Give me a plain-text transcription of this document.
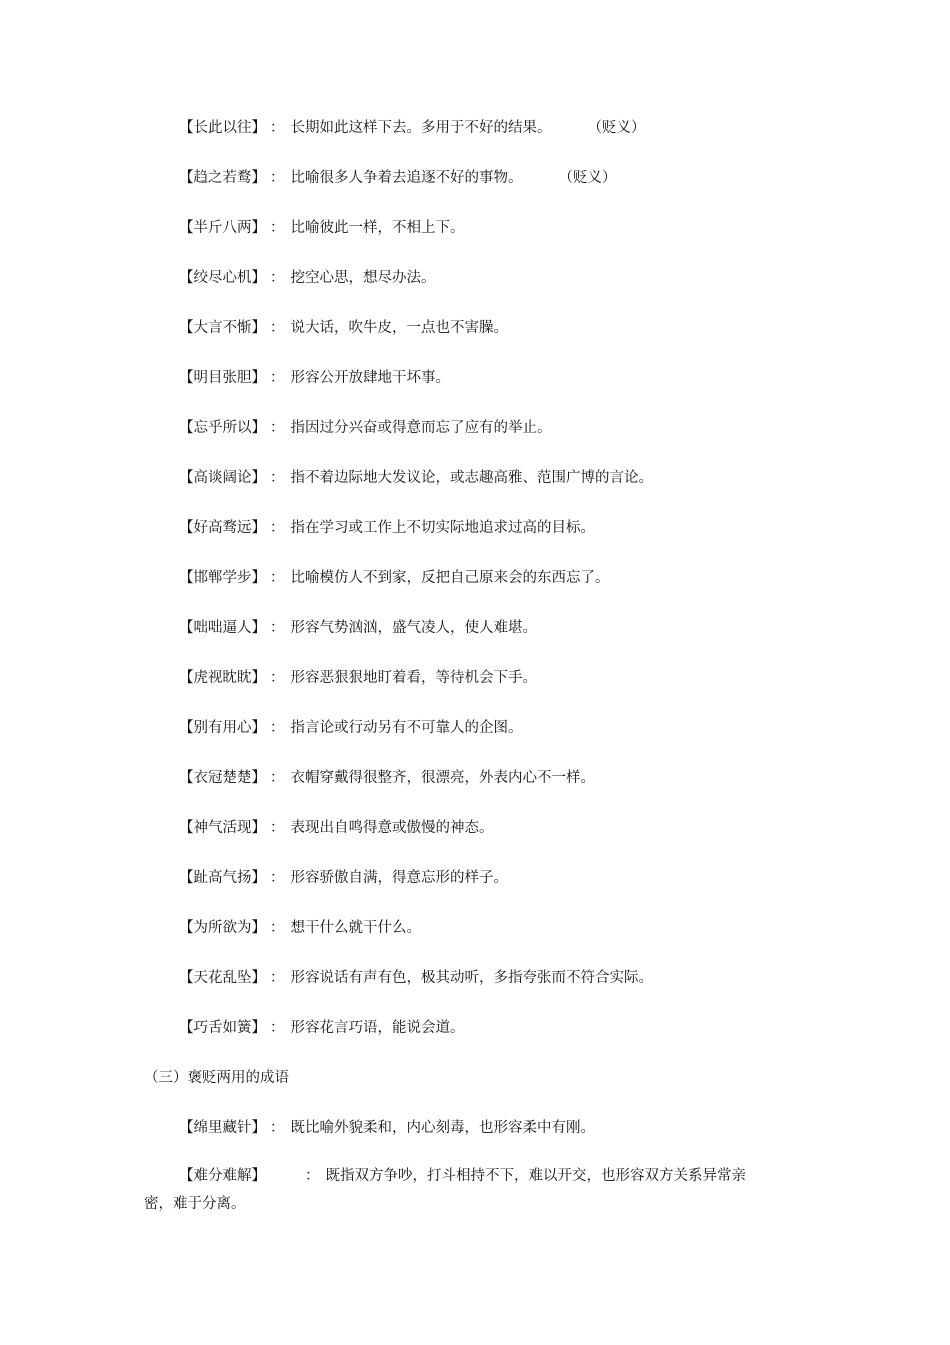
【长此以往】 ： 长期如此这样下去。多用于不好的结果。 （贬义）
【趋之若鹜】 ： 比喻很多人争着去追逐不好的事物。 （贬义）
【半斤八两】 ： 比喻彼此一样，不相上下。
【绞尽心机】 ： 挖空心思，想尽办法。
【大言不惭】 ： 说大话，吹牛皮，一点也不害臊。
【明目张胆】 ： 形容公开放肆地干坏事。
【忘乎所以】 ： 指因过分兴奋或得意而忘了应有的举止。
【高谈阔论】 ： 指不着边际地大发议论，或志趣高雅、范围广博的言论。
【好高骛远】 ： 指在学习或工作上不切实际地追求过高的目标。
【邯郸学步】 ： 比喻模仿人不到家，反把自己原来会的东西忘了。
【咄咄逼人】 ： 形容气势汹汹，盛气凌人，使人难堪。
【虎视眈眈】 ： 形容恶狠狠地盯着看，等待机会下手。
【别有用心】 ： 指言论或行动另有不可靠人的企图。
【衣冠楚楚】 ： 衣帽穿戴得很整齐，很漂亮，外表内心不一样。
【神气活现】 ： 表现出自鸣得意或傲慢的神态。
【趾高气扬】 ： 形容骄傲自满，得意忘形的样子。
【为所欲为】 ： 想干什么就干什么。
【天花乱坠】 ： 形容说话有声有色，极其动听，多指夸张而不符合实际。
【巧舌如簧】 ： 形容花言巧语，能说会道。
（三）褒贬两用的成语
【绵里藏针】 ： 既比喻外貌柔和，内心刻毒，也形容柔中有刚。
【难分难解】	： 既指双方争吵，打斗相持不下，难以开交，也形容双方关系异常亲密，难于分离。
